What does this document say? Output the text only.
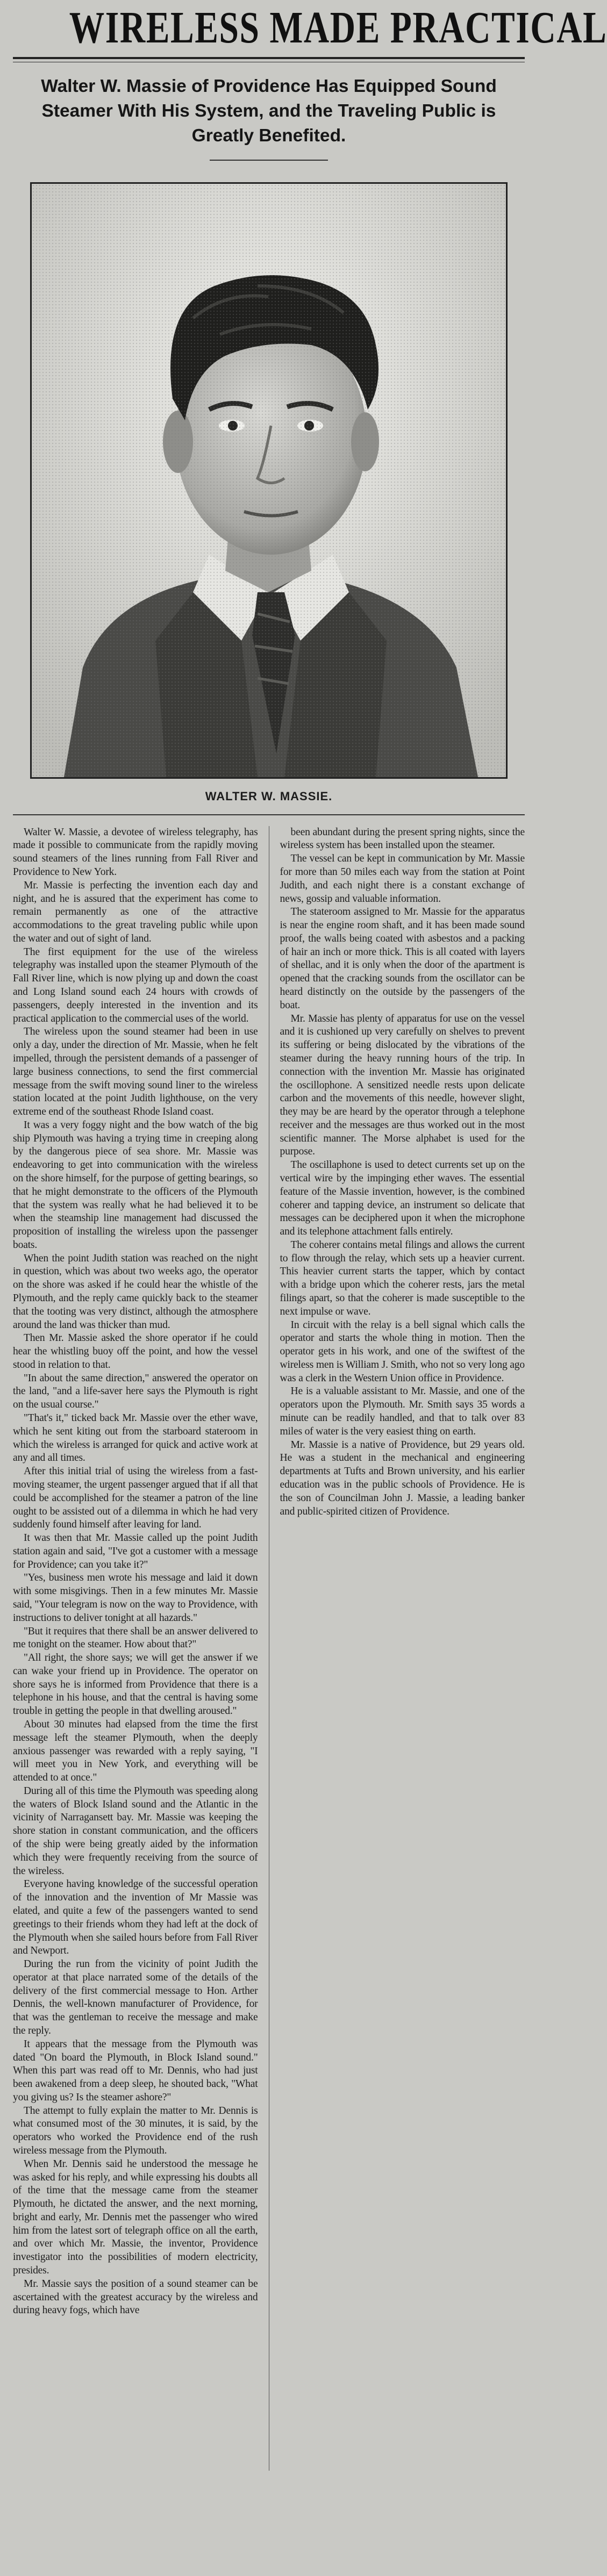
WIRELESS MADE PRACTICAL
Walter W. Massie of Providence Has Equipped Sound Steamer With His System, and the Traveling Public is Greatly Benefited.
WALTER W. MASSIE.

Walter W. Massie, a devotee of wireless telegraphy, has made it possible to communicate from the rapidly moving sound steamers of the lines running from Fall River and Providence to New York.

Mr. Massie is perfecting the invention each day and night, and he is assured that the experiment has come to remain permanently as one of the attractive accommodations to the great traveling public while upon the water and out of sight of land.

The first equipment for the use of the wireless telegraphy was installed upon the steamer Plymouth of the Fall River line, which is now plying up and down the coast and Long Island sound each 24 hours with crowds of passengers, deeply interested in the invention and its practical application to the commercial uses of the world.

The wireless upon the sound steamer had been in use only a day, under the direction of Mr. Massie, when he felt impelled, through the persistent demands of a passenger of large business connections, to send the first commercial message from the swift moving sound liner to the wireless station located at the point Judith lighthouse, on the very extreme end of the southeast Rhode Island coast.

It was a very foggy night and the bow watch of the big ship Plymouth was having a trying time in creeping along by the dangerous piece of sea shore. Mr. Massie was endeavoring to get into communication with the wireless on the shore himself, for the purpose of getting bearings, so that he might demonstrate to the officers of the Plymouth that the system was really what he had believed it to be when the steamship line management had discussed the proposition of installing the wireless upon the passenger boats.

When the point Judith station was reached on the night in question, which was about two weeks ago, the operator on the shore was asked if he could hear the whistle of the Plymouth, and the reply came quickly back to the steamer that the tooting was very distinct, although the atmosphere around the land was thicker than mud.

Then Mr. Massie asked the shore operator if he could hear the whistling buoy off the point, and how the vessel stood in relation to that.

"In about the same direction," answered the operator on the land, "and a life-saver here says the Plymouth is right on the usual course."

"That's it," ticked back Mr. Massie over the ether wave, which he sent kiting out from the starboard stateroom in which the wireless is arranged for quick and active work at any and all times.

After this initial trial of using the wireless from a fast-moving steamer, the urgent passenger argued that if all that could be accomplished for the steamer a patron of the line ought to be assisted out of a dilemma in which he had very suddenly found himself after leaving for land.

It was then that Mr. Massie called up the point Judith station again and said, "I've got a customer with a message for Providence; can you take it?"

"Yes, business men wrote his message and laid it down with some misgivings. Then in a few minutes Mr. Massie said, "Your telegram is now on the way to Providence, with instructions to deliver tonight at all hazards."

"But it requires that there shall be an answer delivered to me tonight on the steamer. How about that?"

"All right, the shore says; we will get the answer if we can wake your friend up in Providence. The operator on shore says he is informed from Providence that there is a telephone in his house, and that the central is having some trouble in getting the people in that dwelling aroused."

About 30 minutes had elapsed from the time the first message left the steamer Plymouth, when the deeply anxious passenger was rewarded with a reply saying, "I will meet you in New York, and everything will be attended to at once."

During all of this time the Plymouth was speeding along the waters of Block Island sound and the Atlantic in the vicinity of Narragansett bay. Mr. Massie was keeping the shore station in constant communication, and the officers of the ship were being greatly aided by the information which they were frequently receiving from the source of the wireless.

Everyone having knowledge of the successful operation of the innovation and the invention of Mr Massie was elated, and quite a few of the passengers wanted to send greetings to their friends whom they had left at the dock of the Plymouth when she sailed hours before from Fall River and Newport.

During the run from the vicinity of point Judith the operator at that place narrated some of the details of the delivery of the first commercial message to Hon. Arther Dennis, the well-known manufacturer of Providence, for that was the gentleman to receive the message and make the reply.

It appears that the message from the Plymouth was dated "On board the Plymouth, in Block Island sound." When this part was read off to Mr. Dennis, who had just been awakened from a deep sleep, he shouted back, "What you giving us? Is the steamer ashore?"

The attempt to fully explain the matter to Mr. Dennis is what consumed most of the 30 minutes, it is said, by the operators who worked the Providence end of the rush wireless message from the Plymouth.

When Mr. Dennis said he understood the message he was asked for his reply, and while expressing his doubts all of the time that the message came from the steamer Plymouth, he dictated the answer, and the next morning, bright and early, Mr. Dennis met the passenger who wired him from the latest sort of telegraph office on all the earth, and over which Mr. Massie, the inventor, Providence investigator into the possibilities of modern electricity, presides.

Mr. Massie says the position of a sound steamer can be ascertained with the greatest accuracy by the wireless and during heavy fogs, which have

been abundant during the present spring nights, since the wireless system has been installed upon the steamer.

The vessel can be kept in communication by Mr. Massie for more than 50 miles each way from the station at Point Judith, and each night there is a constant exchange of news, gossip and valuable information.

The stateroom assigned to Mr. Massie for the apparatus is near the engine room shaft, and it has been made sound proof, the walls being coated with asbestos and a packing of hair an inch or more thick. This is all coated with layers of shellac, and it is only when the door of the apartment is opened that the cracking sounds from the oscillator can be heard distinctly on the outside by the passengers of the boat.

Mr. Massie has plenty of apparatus for use on the vessel and it is cushioned up very carefully on shelves to prevent its suffering or being dislocated by the vibrations of the steamer during the heavy running hours of the trip. In connection with the invention Mr. Massie has originated the oscillophone. A sensitized needle rests upon delicate carbon and the movements of this needle, however slight, they may be are heard by the operator through a telephone receiver and the messages are thus worked out in the most scientific manner. The Morse alphabet is used for the purpose.

The oscillaphone is used to detect currents set up on the vertical wire by the impinging ether waves. The essential feature of the Massie invention, however, is the combined coherer and tapping device, an instrument so delicate that messages can be deciphered upon it when the microphone and its telephone attachment falls entirely.

The coherer contains metal filings and allows the current to flow through the relay, which sets up a heavier current. This heavier current starts the tapper, which by contact with a bridge upon which the coherer rests, jars the metal filings apart, so that the coherer is made susceptible to the next impulse or wave.

In circuit with the relay is a bell signal which calls the operator and starts the whole thing in motion. Then the operator gets in his work, and one of the swiftest of the wireless men is William J. Smith, who not so very long ago was a clerk in the Western Union office in Providence.

He is a valuable assistant to Mr. Massie, and one of the operators upon the Plymouth. Mr. Smith says 35 words a minute can be readily handled, and that to talk over 83 miles of water is the very easiest thing on earth.

Mr. Massie is a native of Providence, but 29 years old. He was a student in the mechanical and engineering departments at Tufts and Brown university, and his earlier education was in the public schools of Providence. He is the son of Councilman John J. Massie, a leading banker and public-spirited citizen of Providence.
